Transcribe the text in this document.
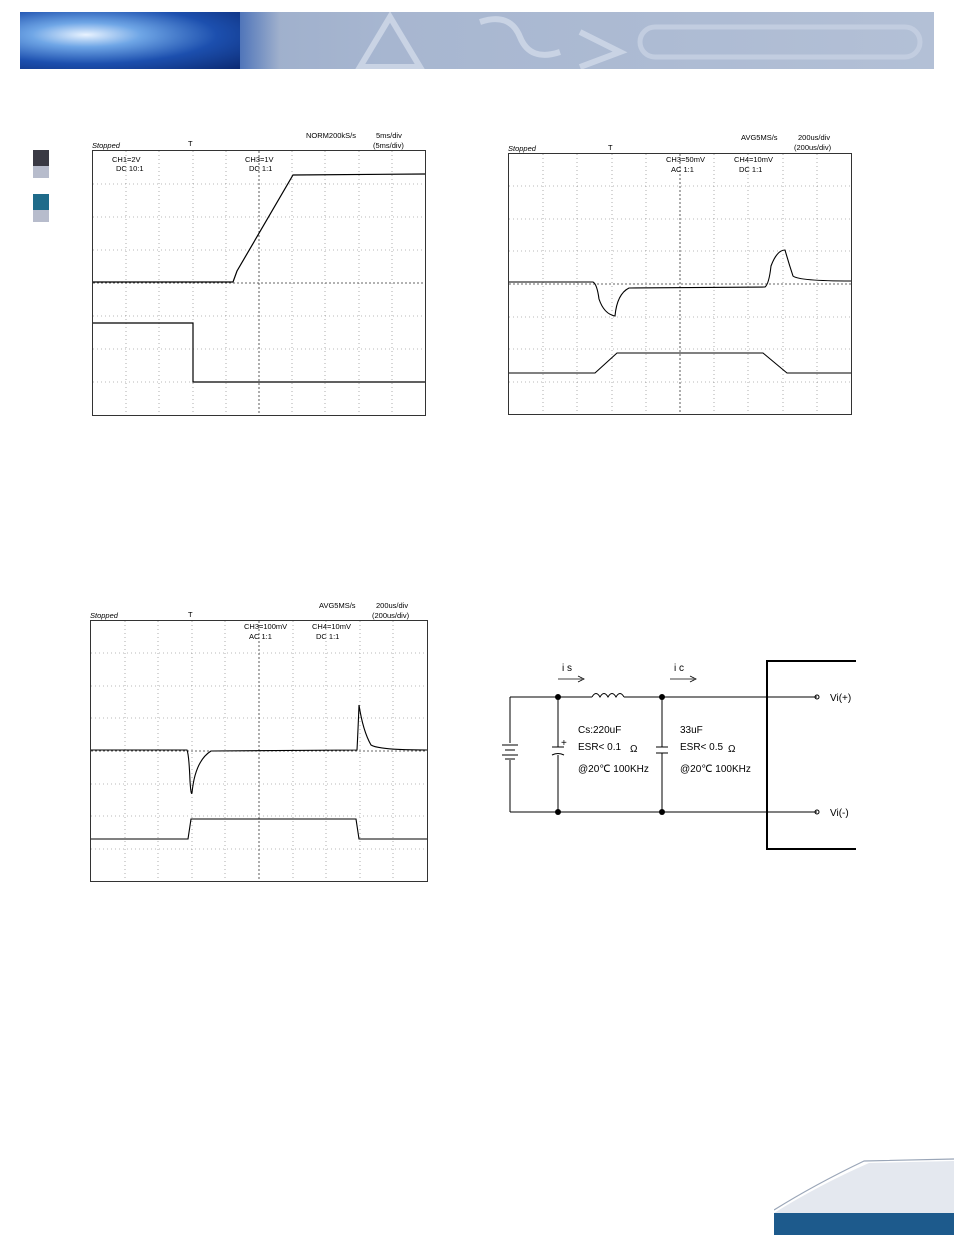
Stopped	T
NORM200kS/s	5ms/div
(5ms/div)
CH1=2V
DC 10:1
CH3=1V
DC 1:1
Stopped	T
AVG5MS/s	200us/div
(200us/div)
CH3=50mV
AC 1:1
CH4=10mV
DC 1:1
Stopped	T
AVG5MS/s	200us/div
(200us/div)
CH3=100mV
AC 1:1
CH4=10mV
DC 1:1
i s	i c
+
Vi(+)
Vi(-)
Cs:220uF
ESR< 0.1 Ω
@20℃ 100KHz
33uF
ESR< 0.5 Ω
@20℃ 100KHz
